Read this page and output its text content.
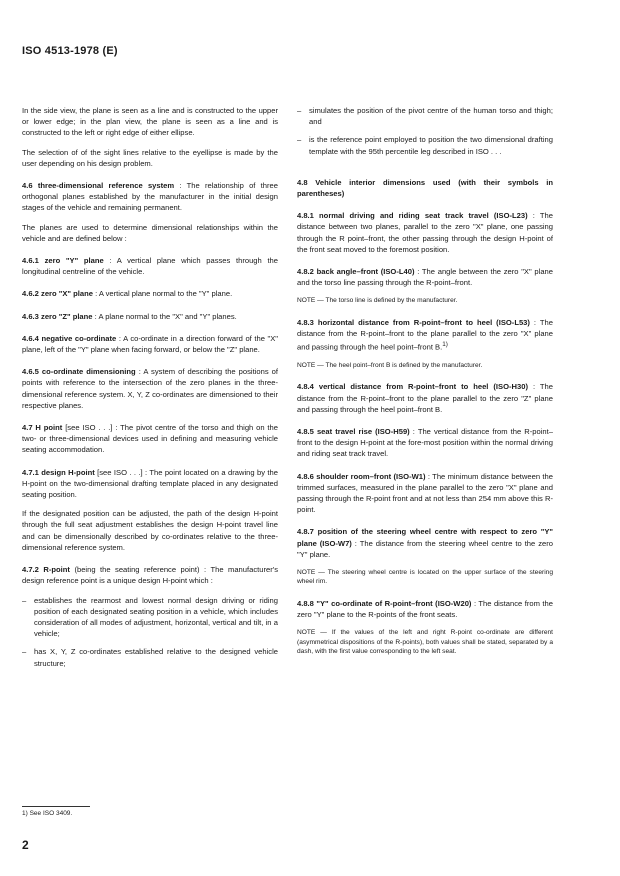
ISO 4513-1978 (E)

In the side view, the plane is seen as a line and is constructed to the upper or lower edge; in the plan view, the plane is seen as a line and is constructed to the left or right edge of either ellipse.

The selection of of the sight lines relative to the eyellipse is made by the user depending on his design problem.

4.6 three-dimensional reference system : The relationship of three orthogonal planes established by the manufacturer in the initial design stages of the vehicle and remaining permanent.

The planes are used to determine dimensional relationships within the vehicle and are defined below :

4.6.1 zero "Y" plane : A vertical plane which passes through the longitudinal centreline of the vehicle.

4.6.2 zero "X" plane : A vertical plane normal to the "Y" plane.

4.6.3 zero "Z" plane : A plane normal to the "X" and "Y" planes.

4.6.4 negative co-ordinate : A co-ordinate in a direction forward of the "X" plane, left of the "Y" plane when facing forward, or below the "Z" plane.

4.6.5 co-ordinate dimensioning : A system of describing the positions of points with reference to the intersection of the zero planes in the three-dimensional reference system. X, Y, Z co-ordinates are dimensioned to their respective planes.

4.7 H point [see ISO . . .] : The pivot centre of the torso and thigh on the two- or three-dimensional devices used in defining and measuring vehicle seating accommodation.

4.7.1 design H-point [see ISO . . .] : The point located on a drawing by the H-point on the two-dimensional drafting template placed in any designated seating position.

If the designated position can be adjusted, the path of the design H-point through the full seat adjustment establishes the design H-point travel line and can be dimensionally described by co-ordinates relative to the three-dimensional reference system.

4.7.2 R-point (being the seating reference point) : The manufacturer's design reference point is a unique design H-point which :

–	establishes the rearmost and lowest normal design driving or riding position of each designated seating position in a vehicle, which includes consideration of all modes of adjustment, horizontal, vertical and tilt, in a vehicle;
–	has X, Y, Z co-ordinates established relative to the designed vehicle structure;
–	simulates the position of the pivot centre of the human torso and thigh; and
–	is the reference point employed to position the two dimensional drafting template with the 95th percentile leg described in ISO . . .

4.8 Vehicle interior dimensions used (with their symbols in parentheses)

4.8.1 normal driving and riding seat track travel (ISO-L23) : The distance between two planes, parallel to the zero "X" plane, one passing through the R point–front, the other passing through the design H-point of the front seat moved to the foremost position.

4.8.2 back angle–front (ISO-L40) : The angle between the zero "X" plane and the torso line passing through the R-point–front.

NOTE — The torso line is defined by the manufacturer.

4.8.3 horizontal distance from R-point–front to heel (ISO-L53) : The distance from the R-point–front to the plane parallel to the zero "X" plane and passing through the heel point–front B.$^{1)}$

NOTE — The heel point–front B is defined by the manufacturer.

4.8.4 vertical distance from R-point–front to heel (ISO-H30) : The distance from the R-point–front to the plane parallel to the zero "Z" plane and passing through the heel point–front B.

4.8.5 seat travel rise (ISO-H59) : The vertical distance from the R-point–front to the design H-point at the fore-most position within the normal driving and riding seat track travel.

4.8.6 shoulder room–front (ISO-W1) : The minimum distance between the trimmed surfaces, measured in the plane parallel to the zero "X" plane and passing through the R-point front and at not less than 254 mm above this R-point.

4.8.7 position of the steering wheel centre with respect to zero "Y" plane (ISO-W7) : The distance from the steering wheel centre to the zero "Y" plane.

NOTE — The steering wheel centre is located on the upper surface of the steering wheel rim.

4.8.8 "Y" co-ordinate of R-point–front (ISO-W20) : The distance from the zero "Y" plane to the R-points of the front seats.

NOTE — If the values of the left and right R-point co-ordinate are different (asymmetrical dispositions of the R-points), both values shall be stated, separated by a dash, with the first value corresponding to the left seat.

1) See ISO 3409.
2
